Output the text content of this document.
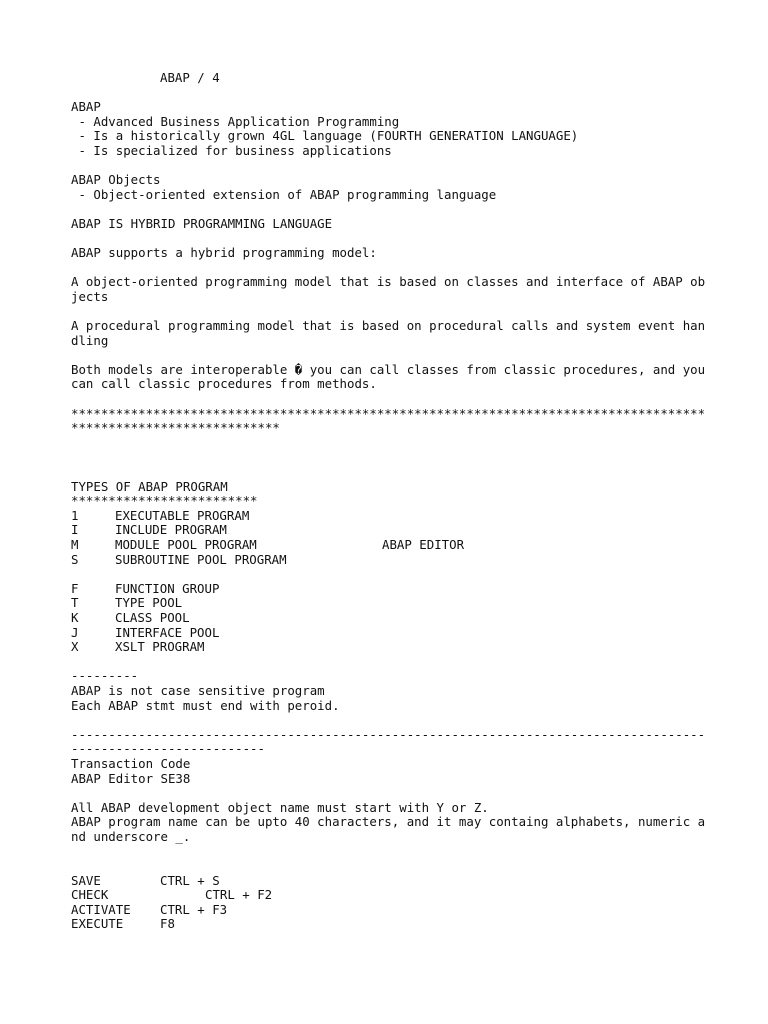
ABAP / 4
ABAP
- Advanced Business Application Programming
- Is a historically grown 4GL language (FOURTH GENERATION LANGUAGE)
- Is specialized for business applications
ABAP Objects
- Object-oriented extension of ABAP programming language
ABAP IS HYBRID PROGRAMMING LANGUAGE
ABAP supports a hybrid programming model:
A object-oriented programming model that is based on classes and interface of ABAP objects
A procedural programming model that is based on procedural calls and system event handling
Both models are interoperable � you can call classes from classic procedures, and you can call classic procedures from methods.
*****************************************************************************************************************
TYPES OF ABAP PROGRAM
*************************
1	EXECUTABLE PROGRAM
I	INCLUDE PROGRAM
M	MODULE POOL PROGRAM	ABAP EDITOR
S	SUBROUTINE POOL PROGRAM
F	FUNCTION GROUP
T	TYPE POOL
K	CLASS POOL
J	INTERFACE POOL
X	XSLT PROGRAM
---------
ABAP is not case sensitive program
Each ABAP stmt must end with peroid.
---------------------------------------------------------------------------------------------------------------
Transaction Code
ABAP Editor SE38
All ABAP development object name must start with Y or Z.
ABAP program name can be upto 40 characters, and it may containg alphabets, numeric and underscore _.
SAVE	CTRL + S
CHECK	CTRL + F2
ACTIVATE	CTRL + F3
EXECUTE	F8
